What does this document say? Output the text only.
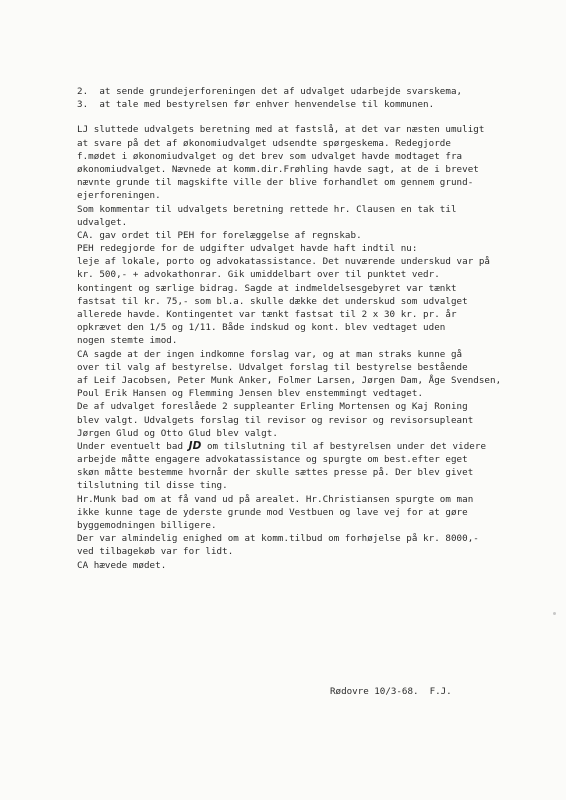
2.  at sende grundejerforeningen det af udvalget udarbejde svarskema,
3.  at tale med bestyrelsen før enhver henvendelse til kommunen.
LJ sluttede udvalgets beretning med at fastslå, at det var næsten umuligt
at svare på det af økonomiudvalget udsendte spørgeskema. Redegjorde
f.mødet i økonomiudvalget og det brev som udvalget havde modtaget fra
økonomiudvalget. Nævnede at komm.dir.Frøhling havde sagt, at de i brevet
nævnte grunde til magskifte ville der blive forhandlet om gennem grund-
ejerforeningen.
Som kommentar til udvalgets beretning rettede hr. Clausen en tak til
udvalget.
CA. gav ordet til PEH for forelæggelse af regnskab.
PEH redegjorde for de udgifter udvalget havde haft indtil nu:
leje af lokale, porto og advokatassistance. Det nuværende underskud var på
kr. 500,- + advokathonrar. Gik umiddelbart over til punktet vedr.
kontingent og særlige bidrag. Sagde at indmeldelsesgebyret var tænkt
fastsat til kr. 75,- som bl.a. skulle dække det underskud som udvalget
allerede havde. Kontingentet var tænkt fastsat til 2 x 30 kr. pr. år
opkrævet den 1/5 og 1/11. Både indskud og kont. blev vedtaget uden
nogen stemte imod.
CA sagde at der ingen indkomne forslag var, og at man straks kunne gå
over til valg af bestyrelse. Udvalget forslag til bestyrelse bestående
af Leif Jacobsen, Peter Munk Anker, Folmer Larsen, Jørgen Dam, Åge Svendsen,
Poul Erik Hansen og Flemming Jensen blev enstemmingt vedtaget.
De af udvalget foreslåede 2 suppleanter Erling Mortensen og Kaj Roning
blev valgt. Udvalgets forslag til revisor og revisor og revisorsupleant
Jørgen Glud og Otto Glud blev valgt.
Under eventuelt bad JD om tilslutning til af bestyrelsen under det videre
arbejde måtte engagere advokatassistance og spurgte om best.efter eget
skøn måtte bestemme hvornår der skulle sættes presse på. Der blev givet
tilslutning til disse ting.
Hr.Munk bad om at få vand ud på arealet. Hr.Christiansen spurgte om man
ikke kunne tage de yderste grunde mod Vestbuen og lave vej for at gøre
byggemodningen billigere.
Der var almindelig enighed om at komm.tilbud om forhøjelse på kr. 8000,-
ved tilbagekøb var for lidt.
CA hævede mødet.
Rødovre 10/3-68.  F.J.
